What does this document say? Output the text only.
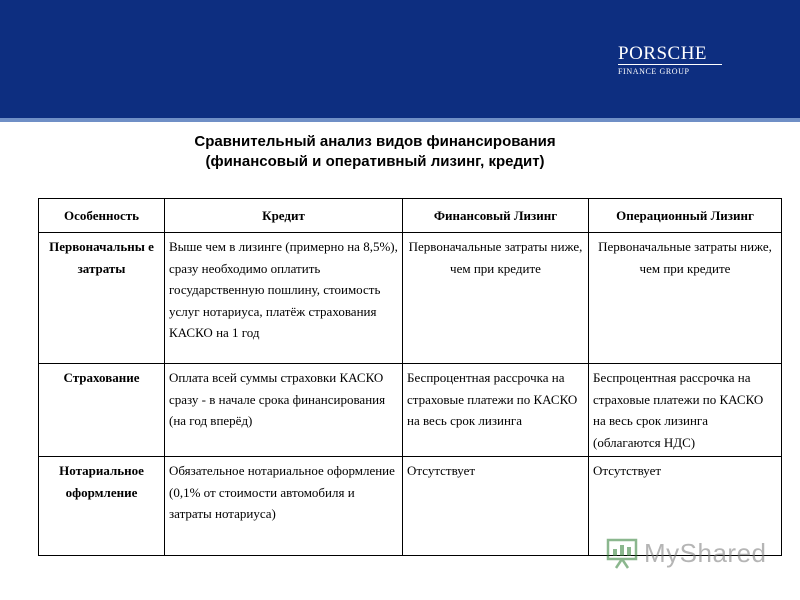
PORSCHE
FINANCE GROUP
Сравнительный анализ видов финансирования
(финансовый и оперативный лизинг, кредит)
Особенность	Кредит	Финансовый Лизинг	Операционный Лизинг
Первоначальны е затраты	Выше чем в лизинге (примерно на 8,5%), сразу необходимо оплатить государственную пошлину, стоимость услуг нотариуса, платёж страхования КАСКО на 1 год	Первоначальные затраты ниже, чем при кредите	Первоначальные затраты ниже, чем при кредите
Страхование	Оплата всей суммы страховки КАСКО сразу - в начале срока финансирования (на год вперёд)	Беспроцентная рассрочка на страховые платежи по КАСКО на весь срок лизинга	Беспроцентная рассрочка на страховые платежи по КАСКО на весь срок лизинга (облагаются НДС)
Нотариальное оформление	Обязательное нотариальное оформление (0,1% от стоимости автомобиля и затраты нотариуса)	Отсутствует	Отсутствует
MyShared
